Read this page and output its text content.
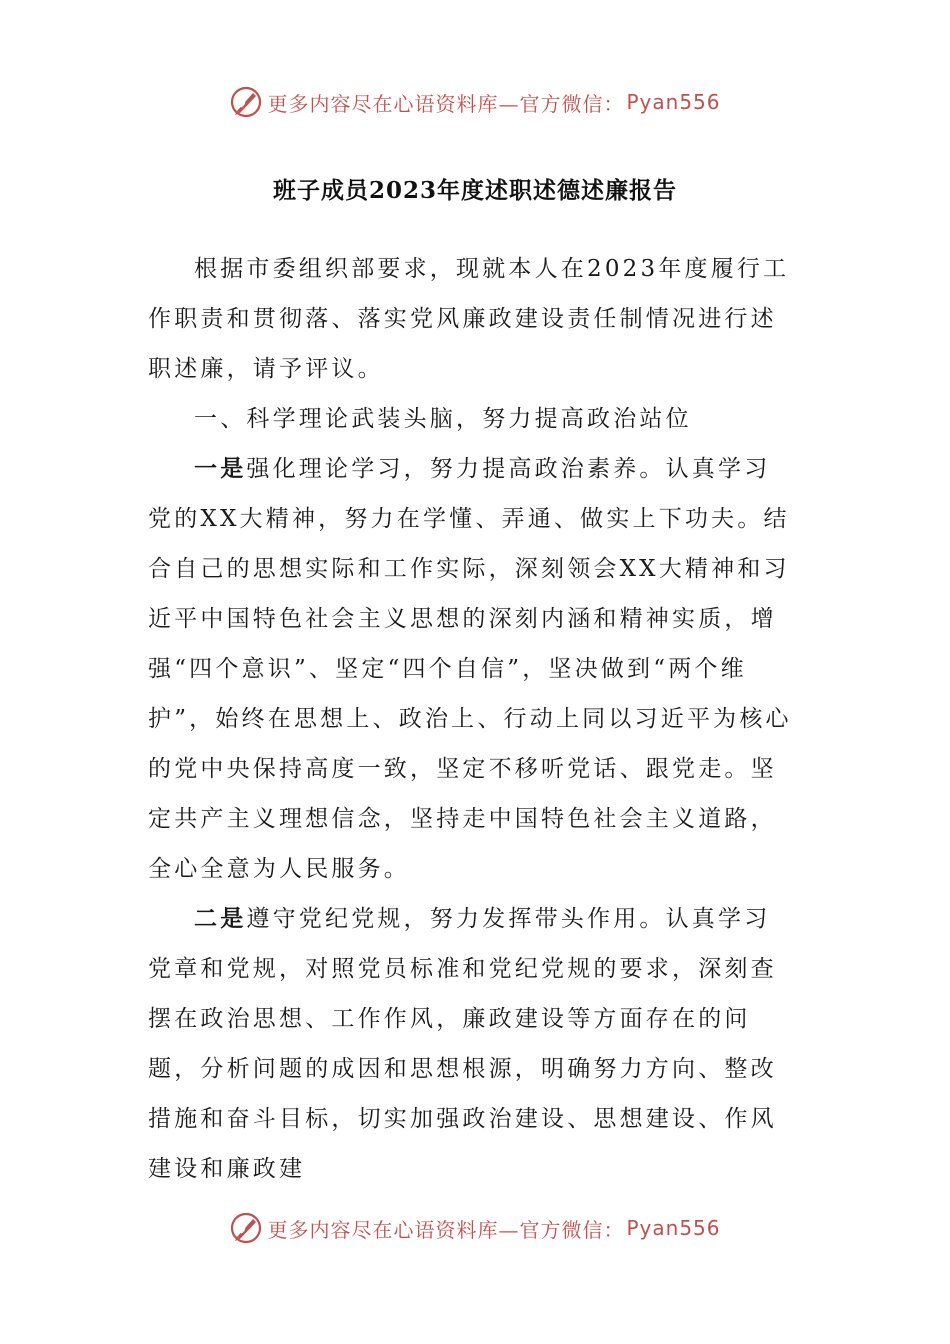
更多内容尽在心语资料库—官方微信： Pyan556
班子成员2023年度述职述德述廉报告

根据市委组织部要求，现就本人在2023年度履行工作职责和贯彻落、落实党风廉政建设责任制情况进行述职述廉，请予评议。

一、科学理论武装头脑，努力提高政治站位

一是强化理论学习，努力提高政治素养。认真学习党的XX大精神，努力在学懂、弄通、做实上下功夫。结合自己的思想实际和工作实际，深刻领会XX大精神和习近平中国特色社会主义思想的深刻内涵和精神实质，增强“四个意识”、坚定“四个自信”，坚决做到“两个维护”，始终在思想上、政治上、行动上同以习近平为核心的党中央保持高度一致，坚定不移听党话、跟党走。坚定共产主义理想信念，坚持走中国特色社会主义道路，全心全意为人民服务。

二是遵守党纪党规，努力发挥带头作用。认真学习党章和党规，对照党员标准和党纪党规的要求，深刻查摆在政治思想、工作作风，廉政建设等方面存在的问题，分析问题的成因和思想根源，明确努力方向、整改措施和奋斗目标，切实加强政治建设、思想建设、作风建设和廉政建

更多内容尽在心语资料库—官方微信： Pyan556
